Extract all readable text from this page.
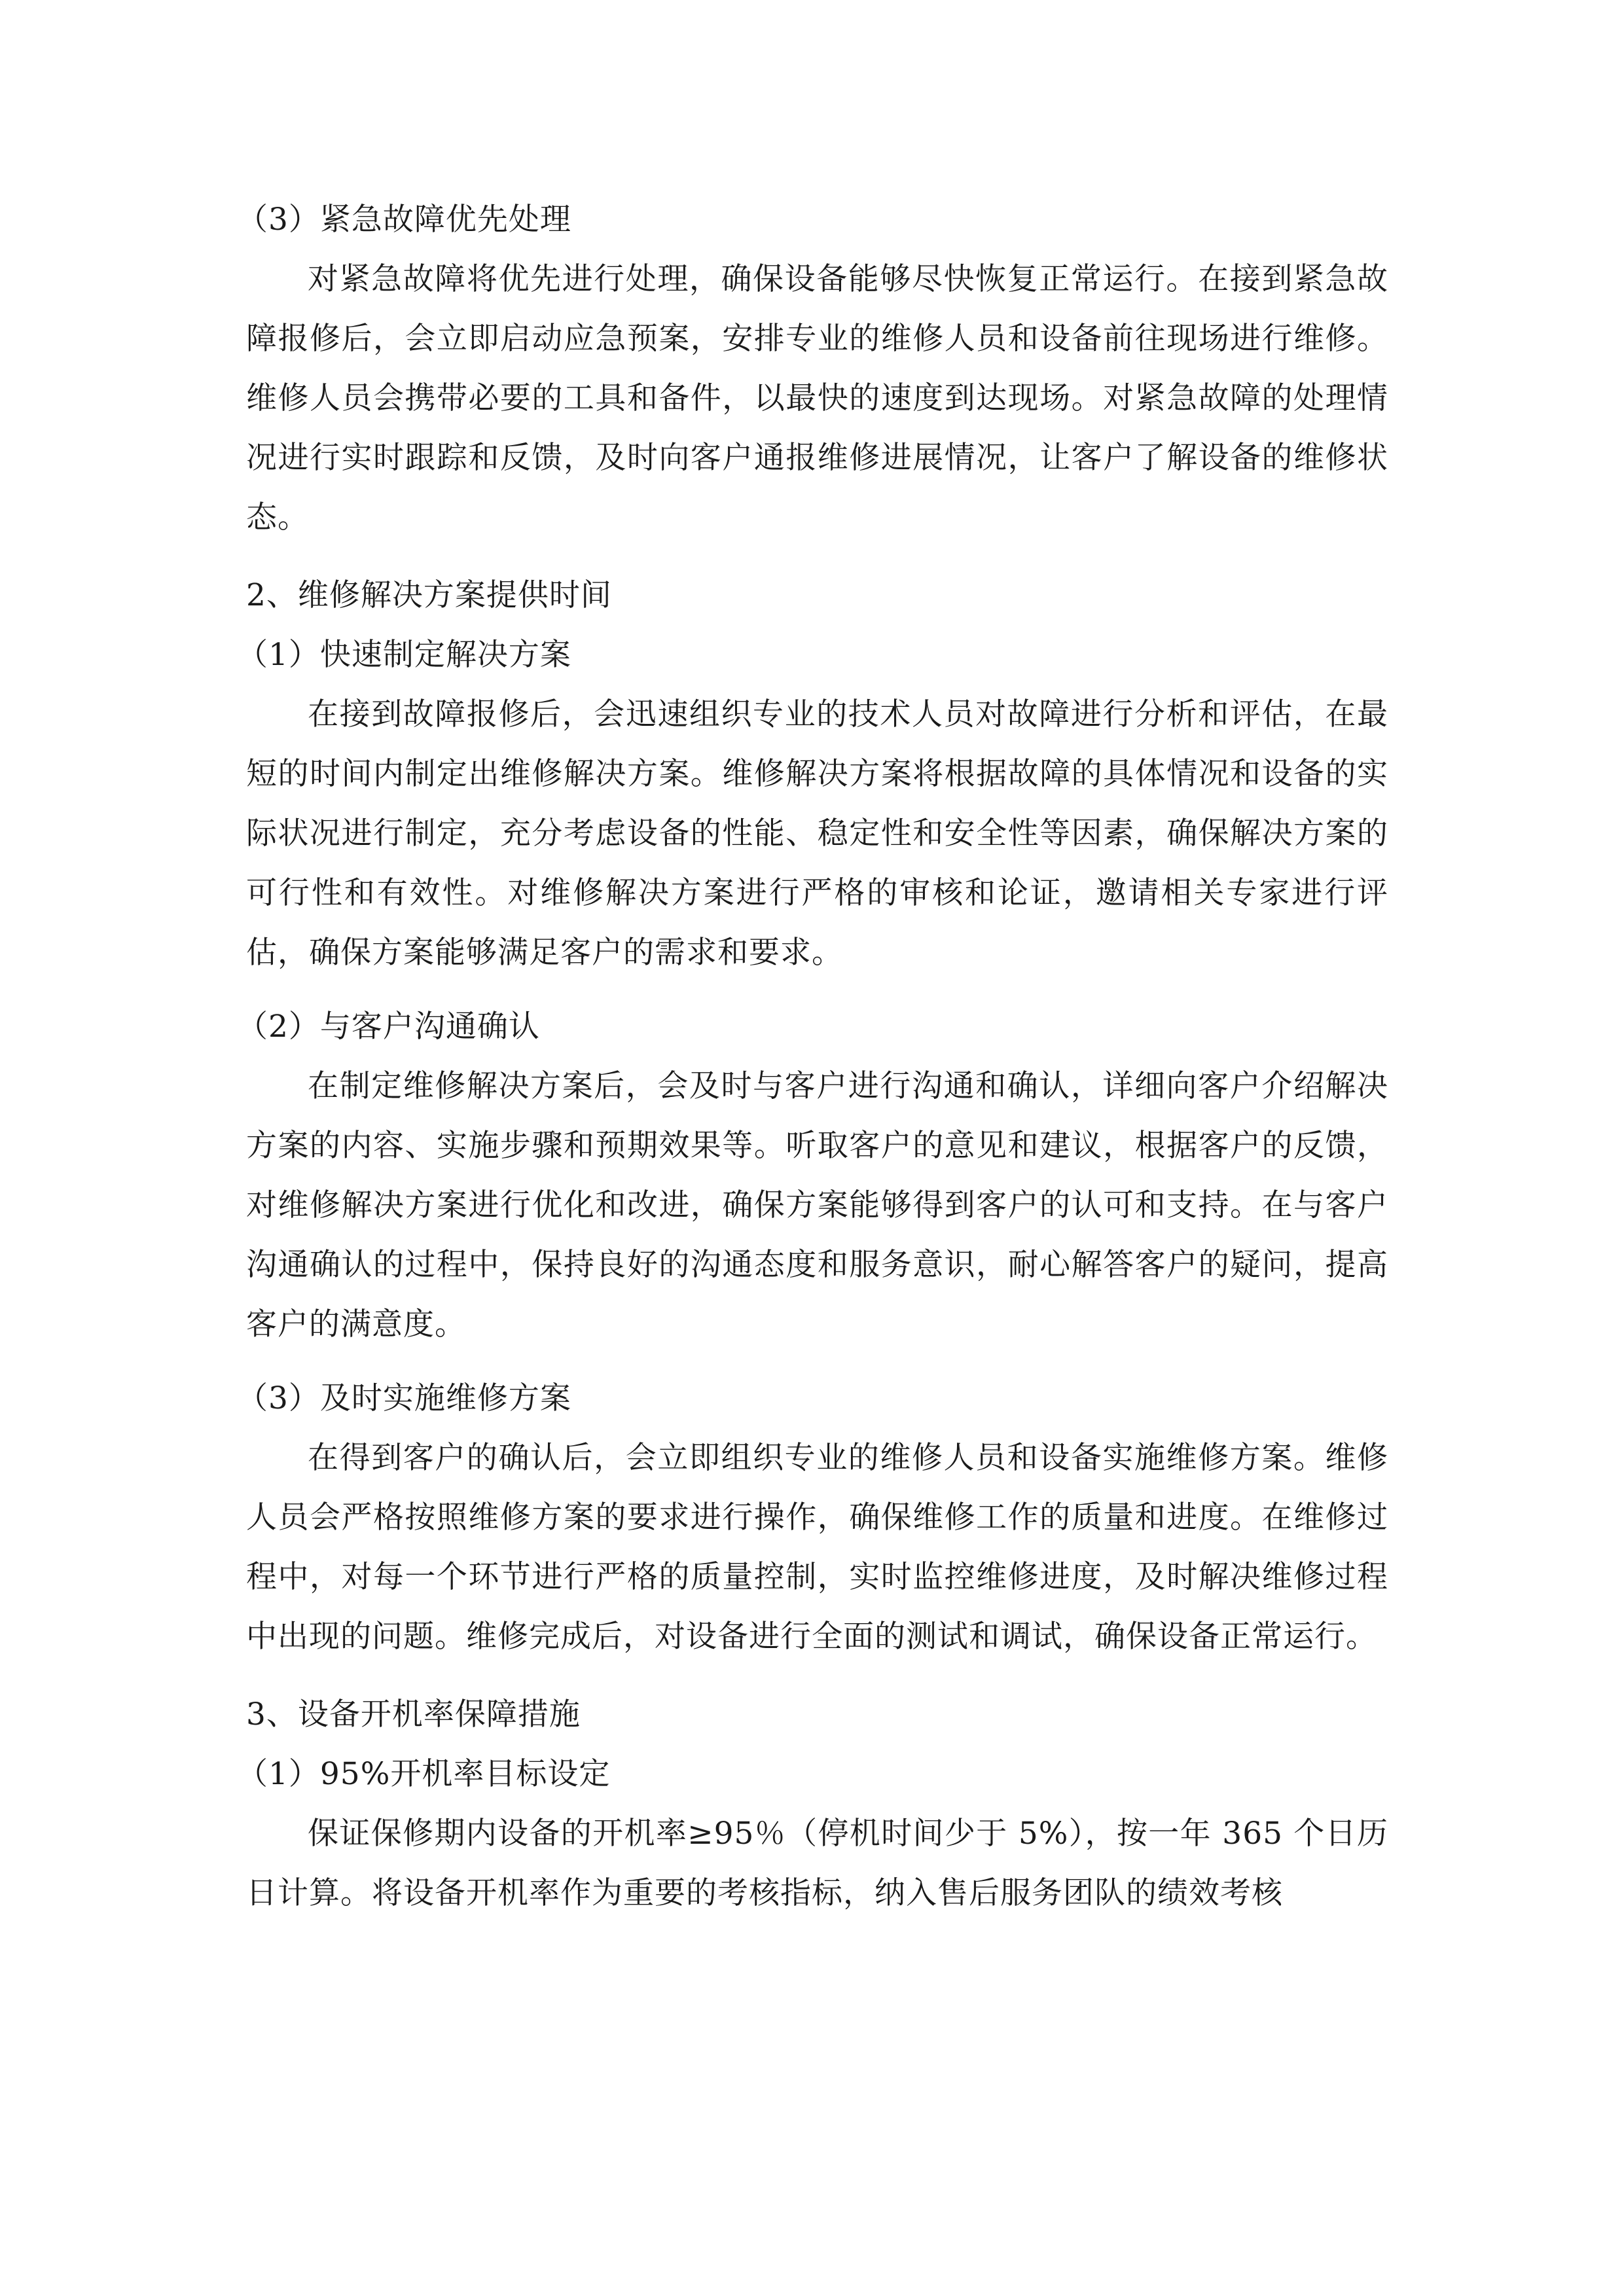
（3）紧急故障优先处理

对紧急故障将优先进行处理，确保设备能够尽快恢复正常运行。在接到紧急故障报修后，会立即启动应急预案，安排专业的维修人员和设备前往现场进行维修。维修人员会携带必要的工具和备件，以最快的速度到达现场。对紧急故障的处理情况进行实时跟踪和反馈，及时向客户通报维修进展情况，让客户了解设备的维修状态。

2、维修解决方案提供时间
（1）快速制定解决方案

在接到故障报修后，会迅速组织专业的技术人员对故障进行分析和评估，在最短的时间内制定出维修解决方案。维修解决方案将根据故障的具体情况和设备的实际状况进行制定，充分考虑设备的性能、稳定性和安全性等因素，确保解决方案的可行性和有效性。对维修解决方案进行严格的审核和论证，邀请相关专家进行评估，确保方案能够满足客户的需求和要求。

（2）与客户沟通确认

在制定维修解决方案后，会及时与客户进行沟通和确认，详细向客户介绍解决方案的内容、实施步骤和预期效果等。听取客户的意见和建议，根据客户的反馈，对维修解决方案进行优化和改进，确保方案能够得到客户的认可和支持。在与客户沟通确认的过程中，保持良好的沟通态度和服务意识，耐心解答客户的疑问，提高客户的满意度。

（3）及时实施维修方案

在得到客户的确认后，会立即组织专业的维修人员和设备实施维修方案。维修人员会严格按照维修方案的要求进行操作，确保维修工作的质量和进度。在维修过程中，对每一个环节进行严格的质量控制，实时监控维修进度，及时解决维修过程中出现的问题。维修完成后，对设备进行全面的测试和调试，确保设备正常运行。

3、设备开机率保障措施
（1）95%开机率目标设定

保证保修期内设备的开机率≥95％（停机时间少于 5%），按一年 365 个日历日计算。将设备开机率作为重要的考核指标，纳入售后服务团队的绩效考核
